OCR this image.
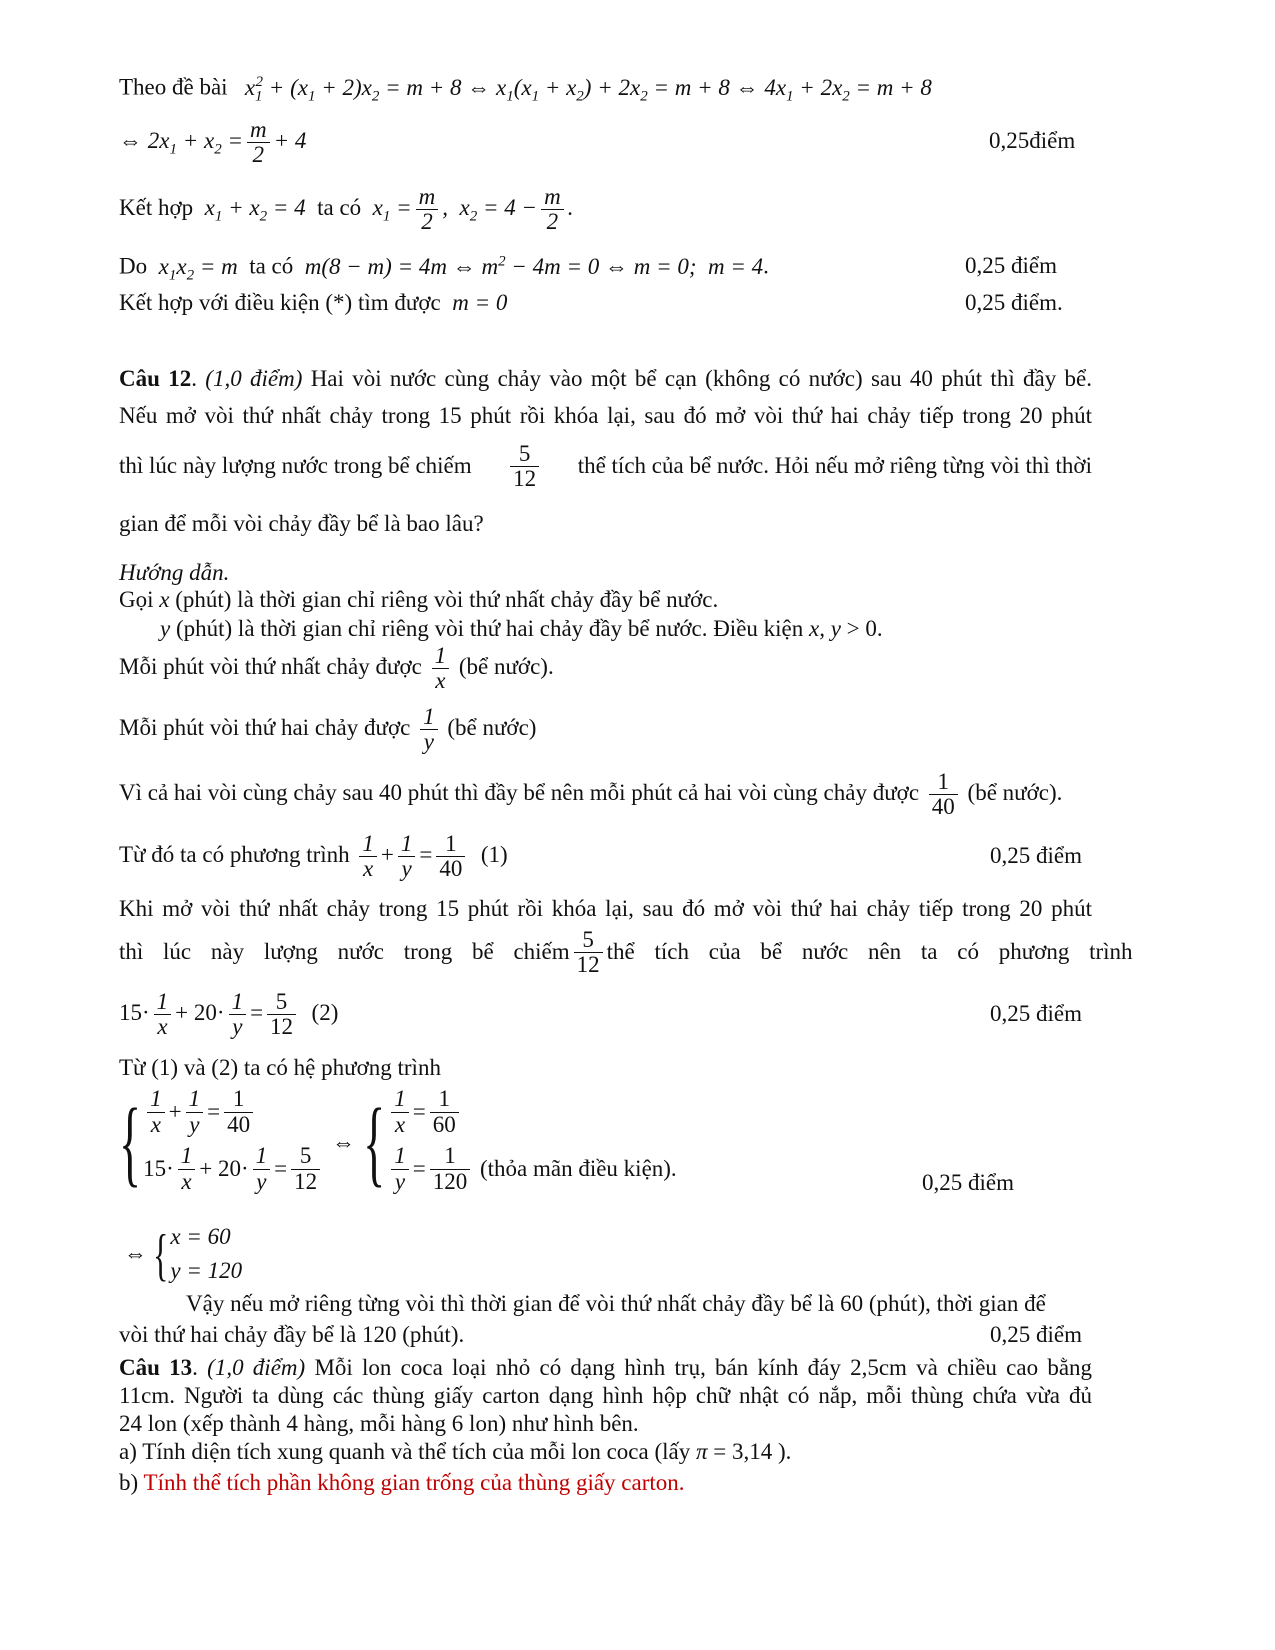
Theo đề bài $x_1^2 + (x_1 + 2)x_2 = m + 8$ ⇔ $x_1(x_1 + x_2) + 2x_2 = m + 8$ ⇔ $4x_1 + 2x_2 = m + 8$
⇔ $2x_1 + x_2 = \frac{m}{2} + 4$	0,25điểm
Kết hợp $x_1 + x_2 = 4$ ta có $x_1 = \frac{m}{2}$ ,  $x_2 = 4 - \frac{m}{2}$ .
Do $x_1x_2 = m$ ta có m(8 − m) = 4m ⇔ $m^2 - 4m = 0$ ⇔ m = 0;  m = 4.	0,25 điểm
Kết hợp với điều kiện (*) tìm được m = 0	0,25 điểm.
Câu 12. (1,0 điểm) Hai vòi nước cùng chảy vào một bể cạn (không có nước) sau 40 phút thì đầy bể.
Nếu mở vòi thứ nhất chảy trong 15 phút rồi khóa lại, sau đó mở vòi thứ hai chảy tiếp trong 20 phút
thì lúc này lượng nước trong bể chiếm $\frac{5}{12}$ thể tích của bể nước. Hỏi nếu mở riêng từng vòi thì thời
gian để mỗi vòi chảy đầy bể là bao lâu?
Hướng dẫn.
Gọi x (phút) là thời gian chỉ riêng vòi thứ nhất chảy đầy bể nước.
y (phút) là thời gian chỉ riêng vòi thứ hai chảy đầy bể nước. Điều kiện x, y > 0.
Mỗi phút vòi thứ nhất chảy được $\frac{1}{x}$ (bể nước).
Mỗi phút vòi thứ hai chảy được $\frac{1}{y}$ (bể nước)
Vì cả hai vòi cùng chảy sau 40 phút thì đầy bể nên mỗi phút cả hai vòi cùng chảy được $\frac{1}{40}$ (bể nước).
Từ đó ta có phương trình $\frac{1}{x} + \frac{1}{y} = \frac{1}{40} (1)$	0,25 điểm
Khi mở vòi thứ nhất chảy trong 15 phút rồi khóa lại, sau đó mở vòi thứ hai chảy tiếp trong 20 phút
thì lúc này lượng nước trong bể chiếm $\frac{5}{12}$ thể tích của bể nước nên ta có phương trình
$15\cdot \frac{1}{x} + 20\cdot \frac{1}{y} = \frac{5}{12} (2)$	0,25 điểm
Từ (1) và (2) ta có hệ phương trình
{ $\frac{1}{x} + \frac{1}{y} = \frac{1}{40}$
$15\cdot \frac{1}{x} + 20\cdot \frac{1}{y} = \frac{5}{12}$
⇔ { $\frac{1}{x} = \frac{1}{60}$
$\frac{1}{y} = \frac{1}{120}$
(thỏa mãn điều kiện).
0,25 điểm
⇔ { x = 60
y = 120
Vậy nếu mở riêng từng vòi thì thời gian để vòi thứ nhất chảy đầy bể là 60 (phút), thời gian để
vòi thứ hai chảy đầy bể là 120 (phút).	0,25 điểm
Câu 13. (1,0 điểm) Mỗi lon coca loại nhỏ có dạng hình trụ, bán kính đáy 2,5cm và chiều cao bằng
11cm. Người ta dùng các thùng giấy carton dạng hình hộp chữ nhật có nắp, mỗi thùng chứa vừa đủ
24 lon (xếp thành 4 hàng, mỗi hàng 6 lon) như hình bên.
a) Tính diện tích xung quanh và thể tích của mỗi lon coca (lấy π = 3,14 ).
b) Tính thể tích phần không gian trống của thùng giấy carton.
